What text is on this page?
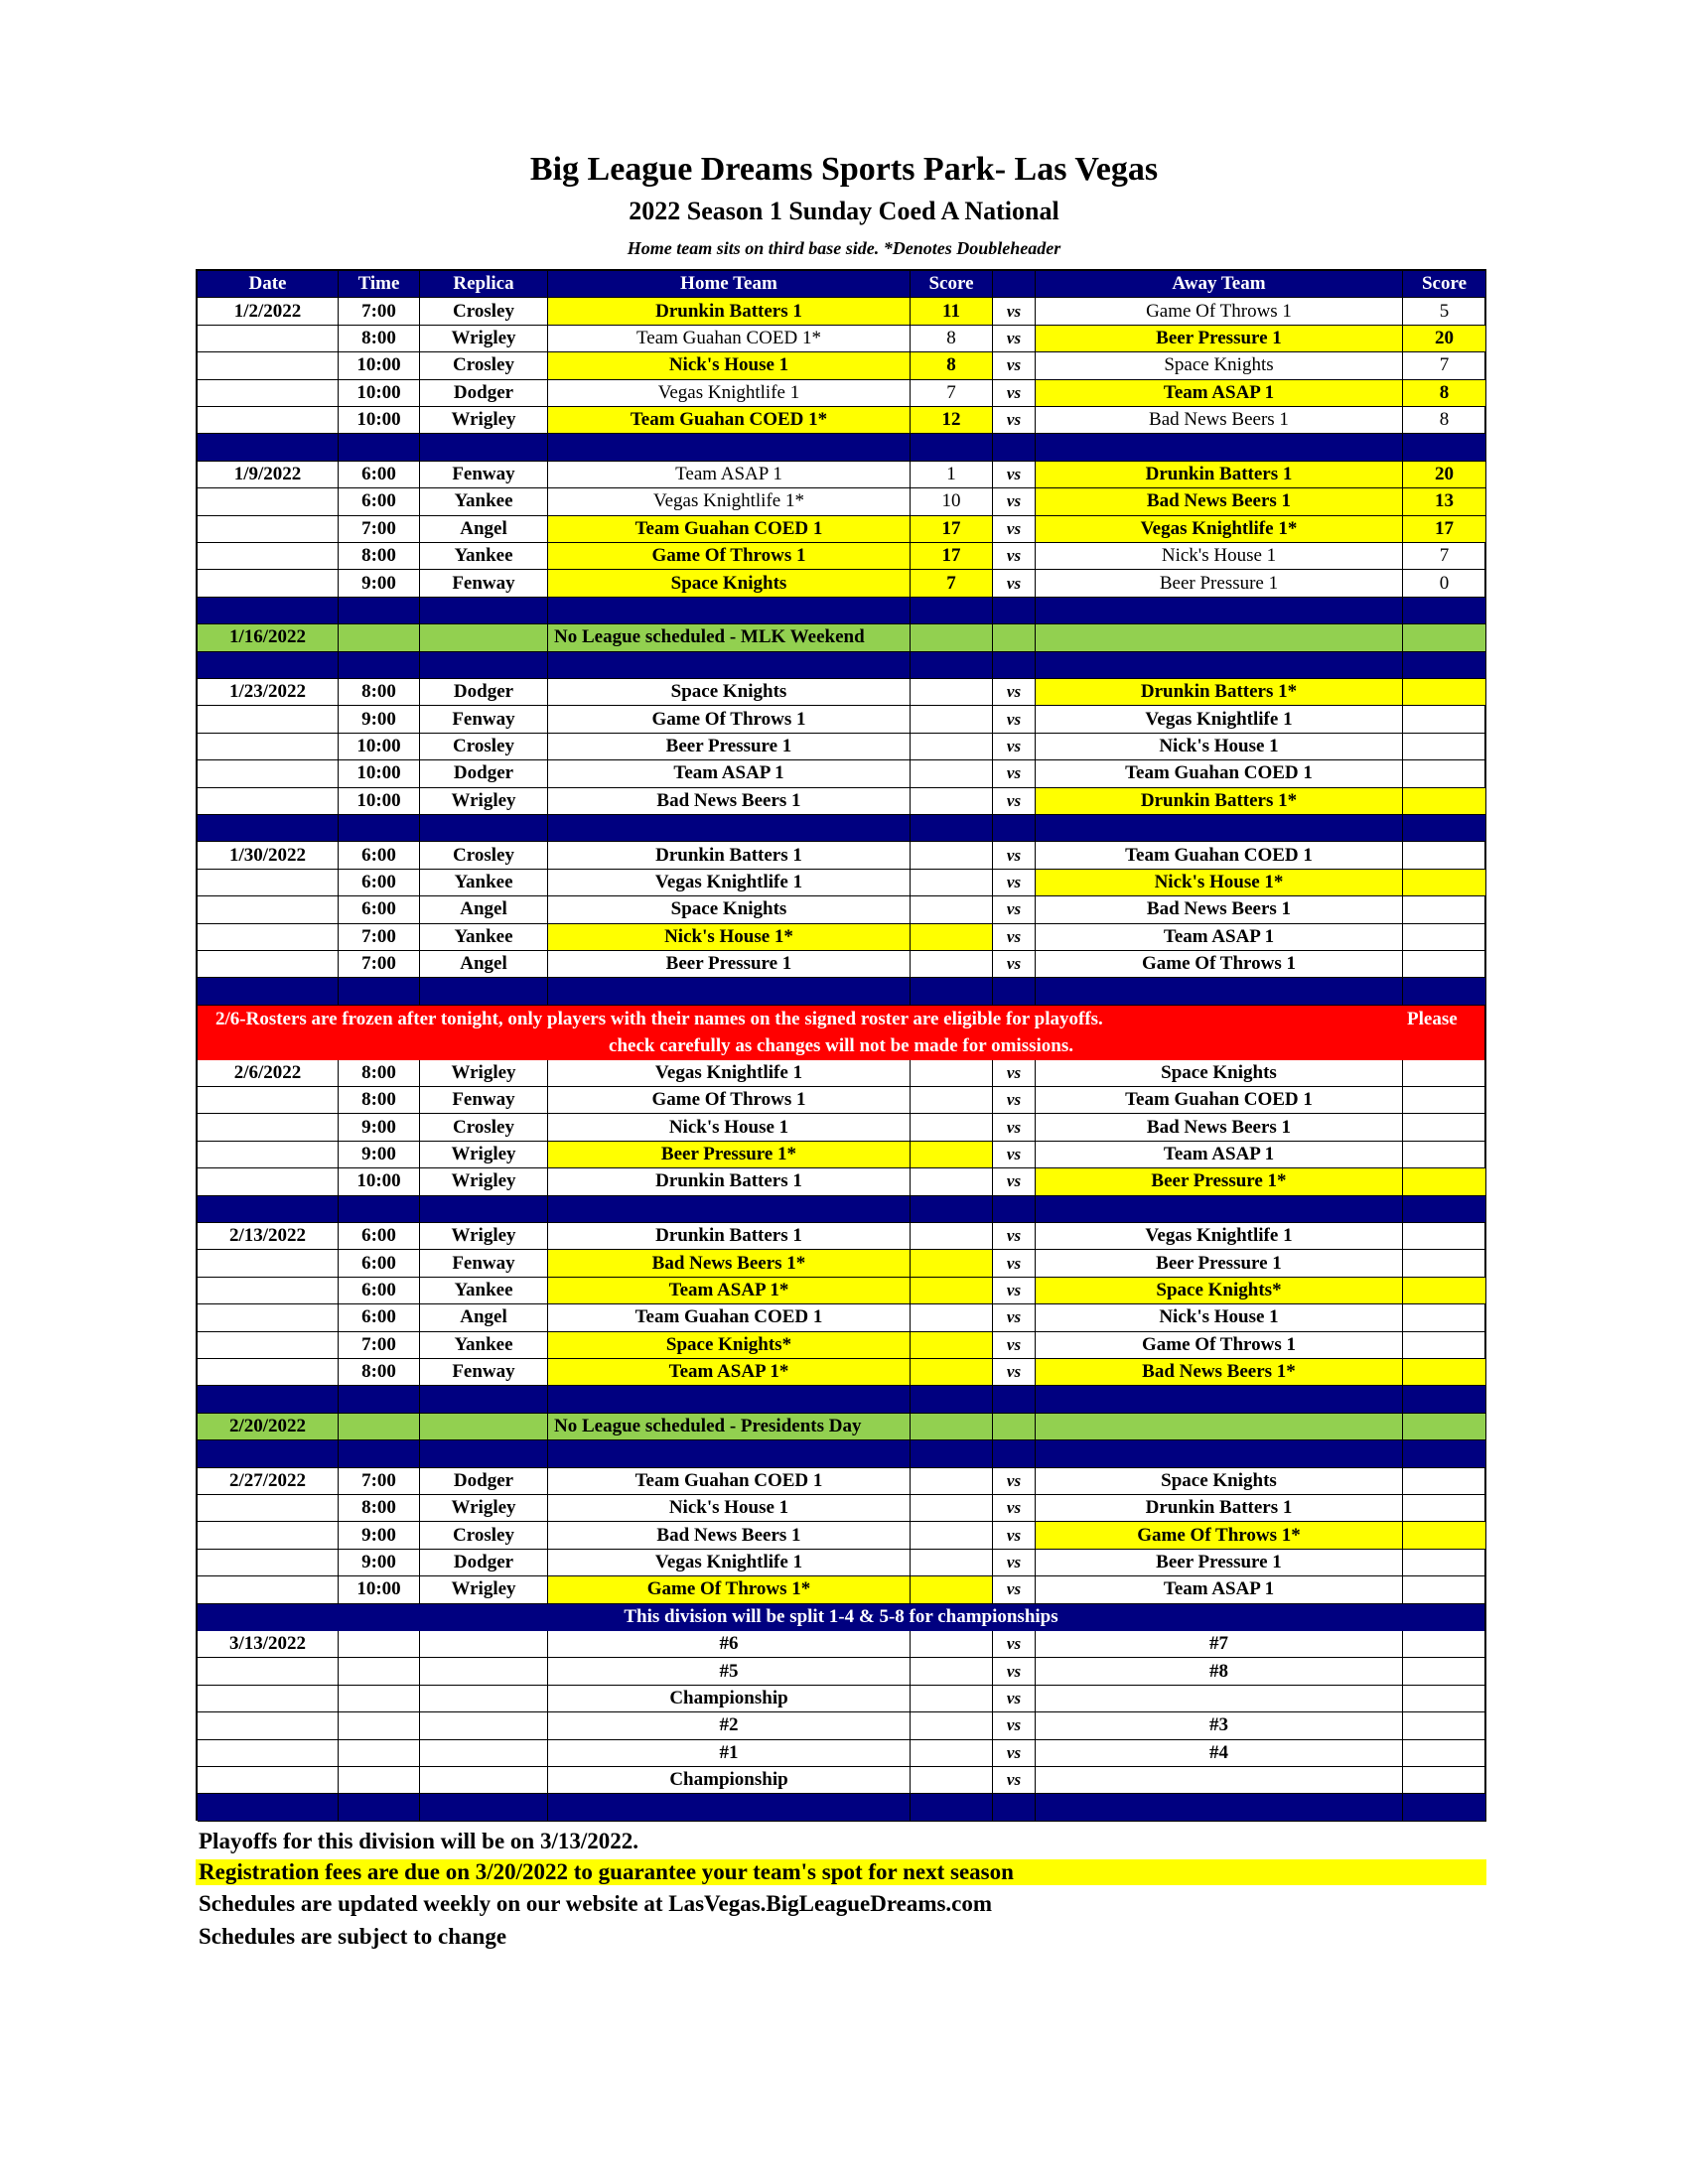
Big League Dreams Sports Park- Las Vegas
2022 Season 1 Sunday Coed A National
Home team sits on third base side. *Denotes Doubleheader
Date	Time	Replica	Home Team	Score	Away Team	Score
1/2/2022	7:00	Crosley	Drunkin Batters 1	11	vs	Game Of Throws 1	5
8:00	Wrigley	Team Guahan COED 1*	8	vs	Beer Pressure 1	20
10:00	Crosley	Nick's House 1	8	vs	Space Knights	7
10:00	Dodger	Vegas Knightlife 1	7	vs	Team ASAP 1	8
10:00	Wrigley	Team Guahan COED 1*	12	vs	Bad News Beers 1	8
1/9/2022	6:00	Fenway	Team ASAP 1	1	vs	Drunkin Batters 1	20
6:00	Yankee	Vegas Knightlife 1*	10	vs	Bad News Beers 1	13
7:00	Angel	Team Guahan COED 1	17	vs	Vegas Knightlife 1*	17
8:00	Yankee	Game Of Throws 1	17	vs	Nick's House 1	7
9:00	Fenway	Space Knights	7	vs	Beer Pressure 1	0
1/16/2022	No League scheduled - MLK Weekend
1/23/2022	8:00	Dodger	Space Knights	vs	Drunkin Batters 1*
9:00	Fenway	Game Of Throws 1	vs	Vegas Knightlife 1
10:00	Crosley	Beer Pressure 1	vs	Nick's House 1
10:00	Dodger	Team ASAP 1	vs	Team Guahan COED 1
10:00	Wrigley	Bad News Beers 1	vs	Drunkin Batters 1*
1/30/2022	6:00	Crosley	Drunkin Batters 1	vs	Team Guahan COED 1
6:00	Yankee	Vegas Knightlife 1	vs	Nick's House 1*
6:00	Angel	Space Knights	vs	Bad News Beers 1
7:00	Yankee	Nick's House 1*	vs	Team ASAP 1
7:00	Angel	Beer Pressure 1	vs	Game Of Throws 1
2/6-Rosters are frozen after tonight, only players with their names on the signed roster are eligible for playoffs.	Please
check carefully as changes will not be made for omissions.
2/6/2022	8:00	Wrigley	Vegas Knightlife 1	vs	Space Knights
8:00	Fenway	Game Of Throws 1	vs	Team Guahan COED 1
9:00	Crosley	Nick's House 1	vs	Bad News Beers 1
9:00	Wrigley	Beer Pressure 1*	vs	Team ASAP 1
10:00	Wrigley	Drunkin Batters 1	vs	Beer Pressure 1*
2/13/2022	6:00	Wrigley	Drunkin Batters 1	vs	Vegas Knightlife 1
6:00	Fenway	Bad News Beers 1*	vs	Beer Pressure 1
6:00	Yankee	Team ASAP 1*	vs	Space Knights*
6:00	Angel	Team Guahan COED 1	vs	Nick's House 1
7:00	Yankee	Space Knights*	vs	Game Of Throws 1
8:00	Fenway	Team ASAP 1*	vs	Bad News Beers 1*
2/20/2022	No League scheduled - Presidents Day
2/27/2022	7:00	Dodger	Team Guahan COED 1	vs	Space Knights
8:00	Wrigley	Nick's House 1	vs	Drunkin Batters 1
9:00	Crosley	Bad News Beers 1	vs	Game Of Throws 1*
9:00	Dodger	Vegas Knightlife 1	vs	Beer Pressure 1
10:00	Wrigley	Game Of Throws 1*	vs	Team ASAP 1
This division will be split 1-4 & 5-8 for championships
3/13/2022	#6	vs	#7
#5	vs	#8
Championship	vs
#2	vs	#3
#1	vs	#4
Championship	vs
Playoffs for this division will be on 3/13/2022.
Registration fees are due on 3/20/2022 to guarantee your team's spot for next season
Schedules are updated weekly on our website at LasVegas.BigLeagueDreams.com
Schedules are subject to change
